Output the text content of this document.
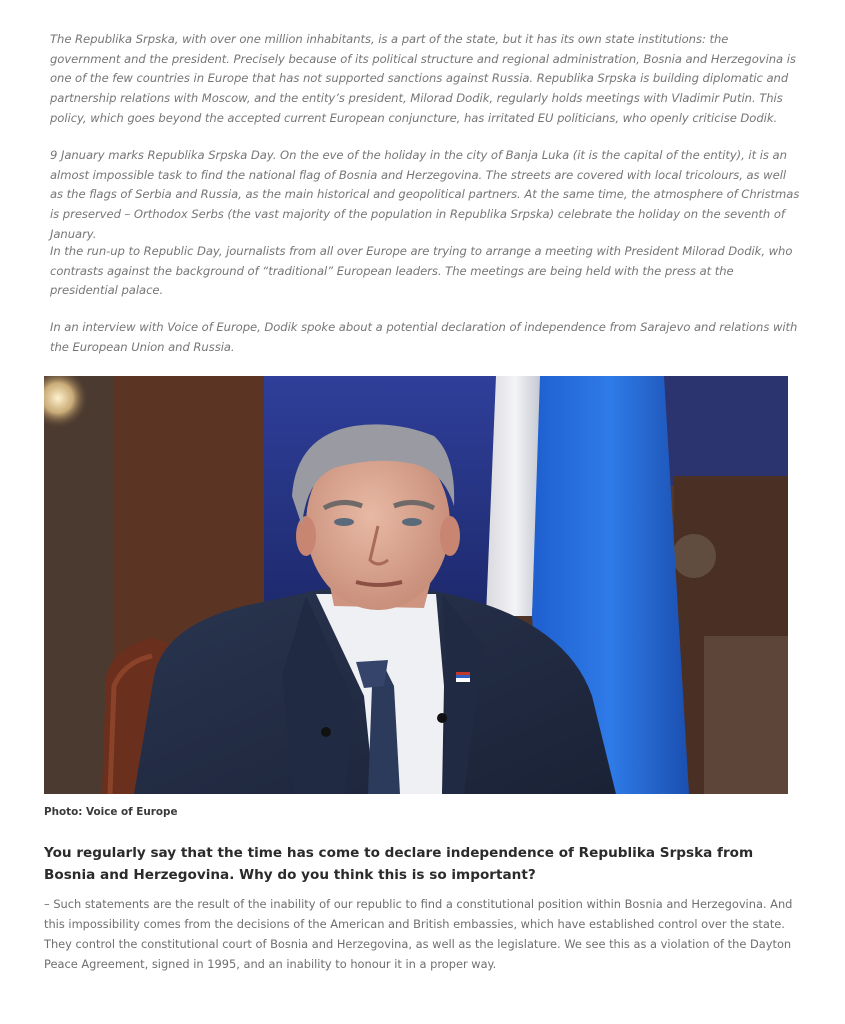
The Republika Srpska, with over one million inhabitants, is a part of the state, but it has its own state institutions: the government and the president. Precisely because of its political structure and regional administration, Bosnia and Herzegovina is one of the few countries in Europe that has not supported sanctions against Russia. Republika Srpska is building diplomatic and partnership relations with Moscow, and the entity’s president, Milorad Dodik, regularly holds meetings with Vladimir Putin. This policy, which goes beyond the accepted current European conjuncture, has irritated EU politicians, who openly criticise Dodik.

9 January marks Republika Srpska Day. On the eve of the holiday in the city of Banja Luka (it is the capital of the entity), it is an almost impossible task to find the national flag of Bosnia and Herzegovina. The streets are covered with local tricolours, as well as the flags of Serbia and Russia, as the main historical and geopolitical partners. At the same time, the atmosphere of Christmas is preserved – Orthodox Serbs (the vast majority of the population in Republika Srpska) celebrate the holiday on the seventh of January.

In the run-up to Republic Day, journalists from all over Europe are trying to arrange a meeting with President Milorad Dodik, who contrasts against the background of “traditional” European leaders. The meetings are being held with the press at the presidential palace.

In an interview with Voice of Europe, Dodik spoke about a potential declaration of independence from Sarajevo and relations with the European Union and Russia.

Photo: Voice of Europe
You regularly say that the time has come to declare independence of Republika Srpska from Bosnia and Herzegovina. Why do you think this is so important?

– Such statements are the result of the inability of our republic to find a constitutional position within Bosnia and Herzegovina. And this impossibility comes from the decisions of the American and British embassies, which have established control over the state. They control the constitutional court of Bosnia and Herzegovina, as well as the legislature. We see this as a violation of the Dayton Peace Agreement, signed in 1995, and an inability to honour it in a proper way.
